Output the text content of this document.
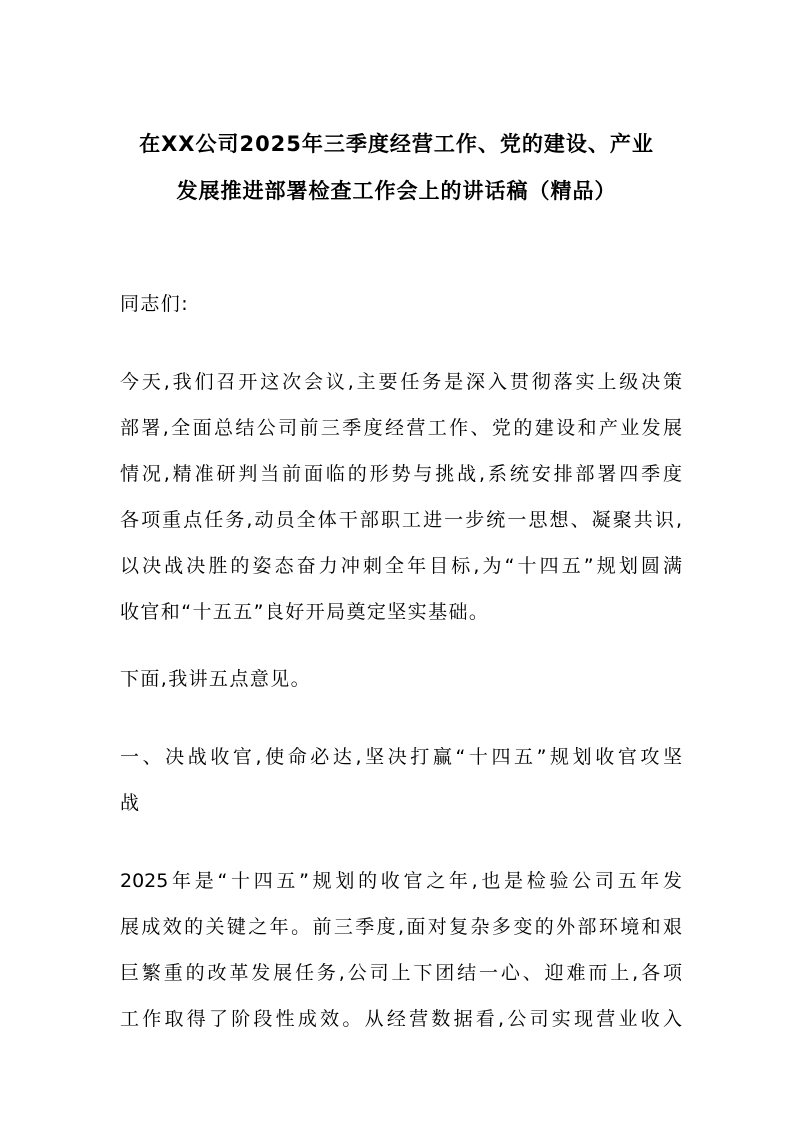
在XX公司2025年三季度经营工作、党的建设、产业
发展推进部署检查工作会上的讲话稿（精品）
同志们:
今天,我们召开这次会议,主要任务是深入贯彻落实上级决策
部署,全面总结公司前三季度经营工作、党的建设和产业发展
情况,精准研判当前面临的形势与挑战,系统安排部署四季度
各项重点任务,动员全体干部职工进一步统一思想、凝聚共识,
以决战决胜的姿态奋力冲刺全年目标,为“十四五”规划圆满
收官和“十五五”良好开局奠定坚实基础。
下面,我讲五点意见。
一、决战收官,使命必达,坚决打赢“十四五”规划收官攻坚
战
2025年是“十四五”规划的收官之年,也是检验公司五年发
展成效的关键之年。前三季度,面对复杂多变的外部环境和艰
巨繁重的改革发展任务,公司上下团结一心、迎难而上,各项
工作取得了阶段性成效。从经营数据看,公司实现营业收入
